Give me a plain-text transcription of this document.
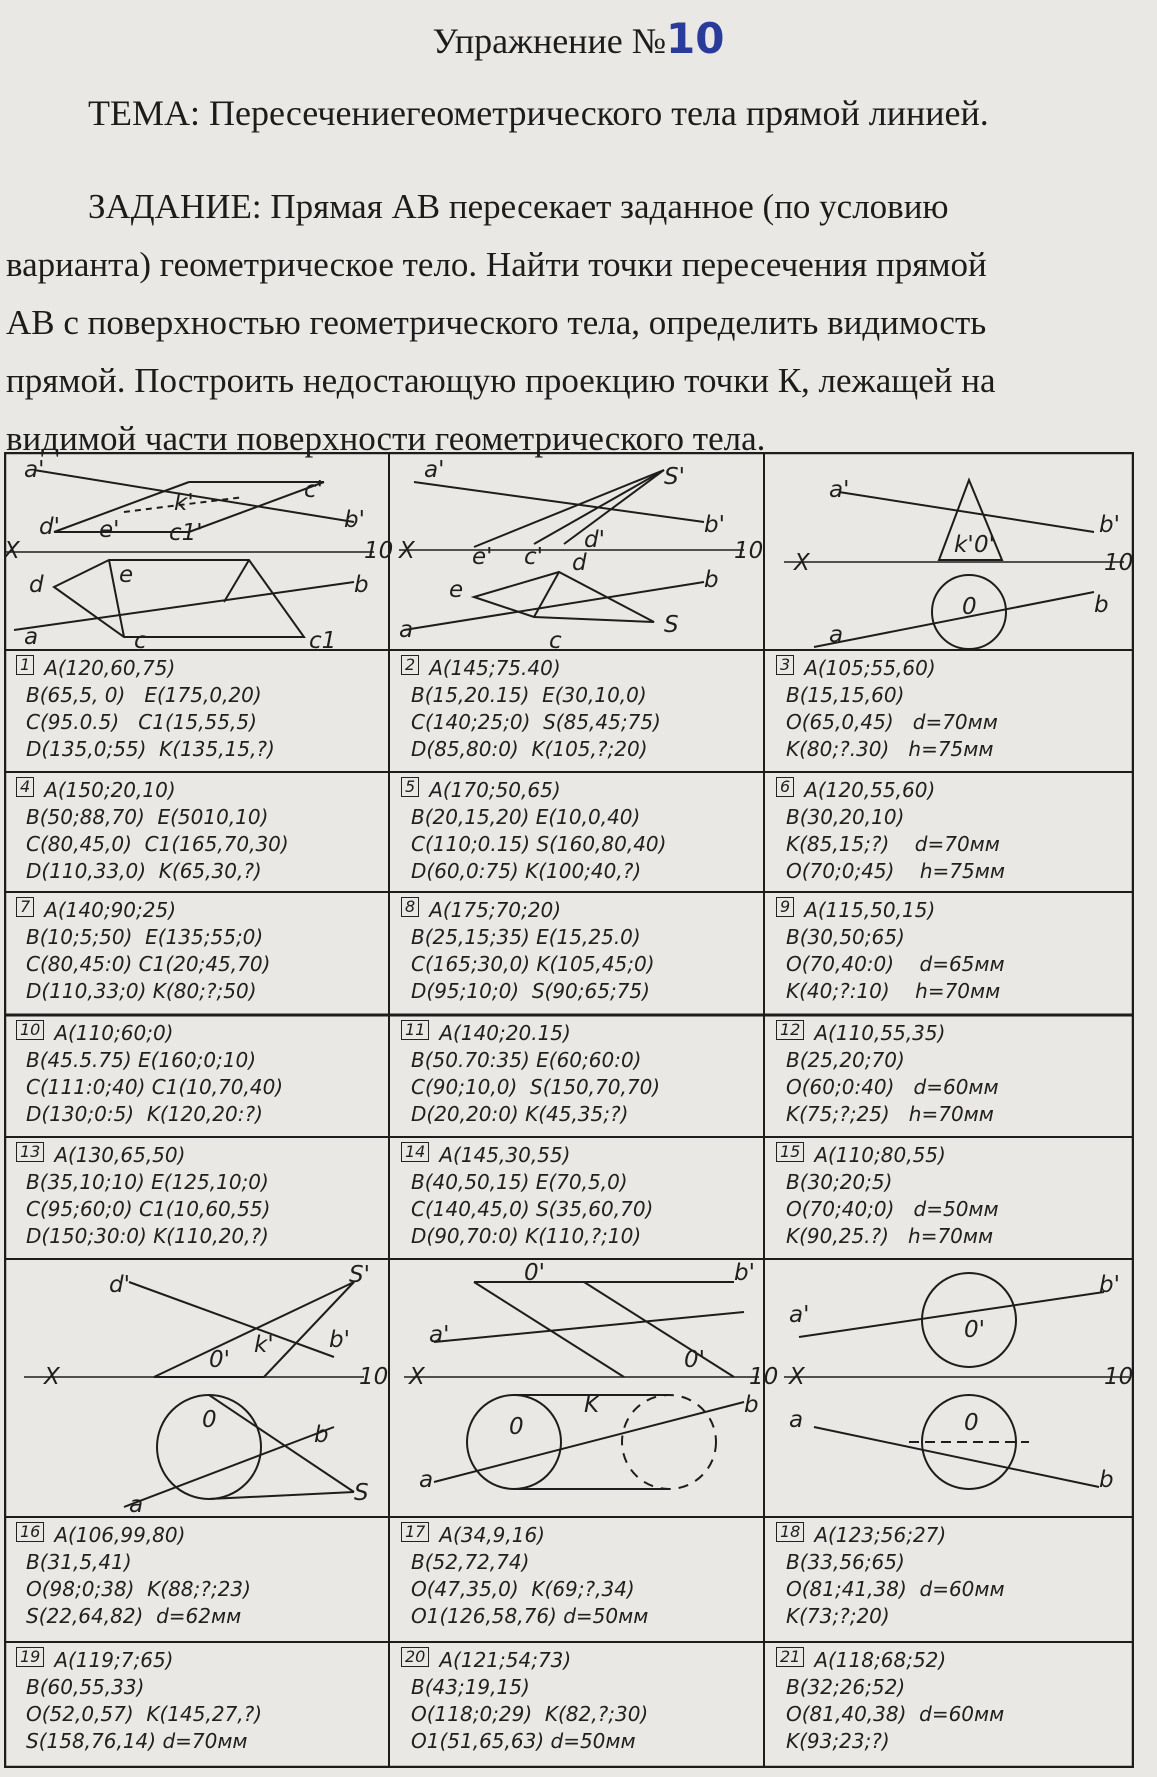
Упражнение №10
ТЕМА: Пересечениегеометрического тела прямой линией.
ЗАДАНИЕ: Прямая АВ пересекает заданное (по условию
варианта) геометрическое тело. Найти точки пересечения прямой
АВ с поверхностью геометрического тела, определить видимость
прямой. Построить недостающую проекцию точки К, лежащей на
видимой части поверхности геометрического тела.
a'
c'
b'
d' e' c1'
k'
X	10
d	e	b
a	c	c1
a'	S'
b'
e' c'
d'
X	10
b
d
e
a	S
c
a'
b'
k' 0'
X	10
0
a
b
d'	S'
b'
0'
k'
X	10
0
b
a	S
0'	b'
a'
0'
X	10
0
K	b
a
a'
b'
0'
X	10
0
a
b
1 A(120,60,75)
B(65,5, 0)   E(175,0,20)
C(95.0.5)   C1(15,55,5)
D(135,0;55)  K(135,15,?)
2 A(145;75.40)
B(15,20.15)  E(30,10,0)
C(140;25;0)  S(85,45;75)
D(85,80:0)  K(105,?;20)
3 A(105;55,60)
B(15,15,60)
O(65,0,45)   d=70мм
K(80;?.30)   h=75мм
4 A(150;20,10)
B(50;88,70)  E(5010,10)
C(80,45,0)  C1(165,70,30)
D(110,33,0)  K(65,30,?)
5 A(170;50,65)
B(20,15,20) E(10,0,40)
C(110;0.15) S(160,80,40)
D(60,0:75) K(100;40,?)
6 A(120,55,60)
B(30,20,10)
K(85,15;?)    d=70мм
O(70;0;45)    h=75мм
7 A(140;90;25)
B(10;5;50)  E(135;55;0)
C(80,45:0) C1(20;45,70)
D(110,33;0) K(80;?;50)
8 A(175;70;20)
B(25,15;35) E(15,25.0)
C(165;30,0) K(105,45;0)
D(95;10;0)  S(90;65;75)
9 A(115,50,15)
B(30,50;65)
O(70,40:0)    d=65мм
K(40;?:10)    h=70мм
10 A(110;60;0)
B(45.5.75) E(160;0;10)
C(111:0;40) C1(10,70,40)
D(130;0:5)  K(120,20:?)
11 A(140;20.15)
B(50.70:35) E(60;60:0)
C(90;10,0)  S(150,70,70)
D(20,20:0) K(45,35;?)
12 A(110,55,35)
B(25,20;70)
O(60;0:40)   d=60мм
K(75;?;25)   h=70мм
13 A(130,65,50)
B(35,10;10) E(125,10;0)
C(95;60;0) C1(10,60,55)
D(150;30:0) K(110,20,?)
14 A(145,30,55)
B(40,50,15) E(70,5,0)
C(140,45,0) S(35,60,70)
D(90,70:0) K(110,?;10)
15 A(110;80,55)
B(30;20;5)
O(70;40;0)   d=50мм
K(90,25.?)   h=70мм
16 A(106,99,80)
B(31,5,41)
O(98;0;38)  K(88;?;23)
S(22,64,82)  d=62мм
17 A(34,9,16)
B(52,72,74)
O(47,35,0)  K(69;?,34)
O1(126,58,76) d=50мм
18 A(123;56;27)
B(33,56;65)
O(81;41,38)  d=60мм
K(73;?;20)
19 A(119;7;65)
B(60,55,33)
O(52,0,57)  K(145,27,?)
S(158,76,14) d=70мм
20 A(121;54;73)
B(43;19,15)
O(118;0;29)  K(82,?;30)
O1(51,65,63) d=50мм
21 A(118;68;52)
B(32;26;52)
O(81,40,38)  d=60мм
K(93;23;?)
